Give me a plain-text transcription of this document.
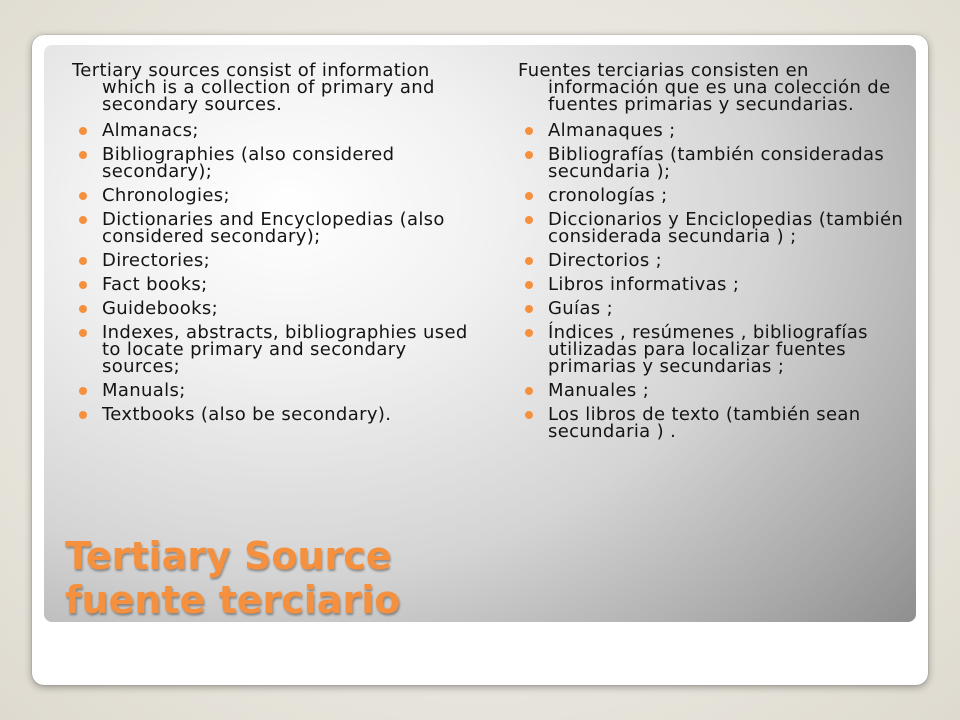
Tertiary sources consist of information which is a collection of primary and secondary sources.

Almanacs;
Bibliographies (also considered secondary);
Chronologies;
Dictionaries and Encyclopedias (also considered secondary);
Directories;
Fact books;
Guidebooks;
Indexes, abstracts, bibliographies used to locate primary and secondary sources;
Manuals;
Textbooks (also be secondary).

Fuentes terciarias consisten en información que es una colección de fuentes primarias y secundarias.

Almanaques ;
Bibliografías (también consideradas secundaria );
cronologías ;
Diccionarios y Enciclopedias (también considerada secundaria ) ;
Directorios ;
Libros informativas ;
Guías ;
Índices , resúmenes , bibliografías utilizadas para localizar fuentes primarias y secundarias ;
Manuales ;
Los libros de texto (también sean secundaria ) .
Tertiary Source
fuente terciario
